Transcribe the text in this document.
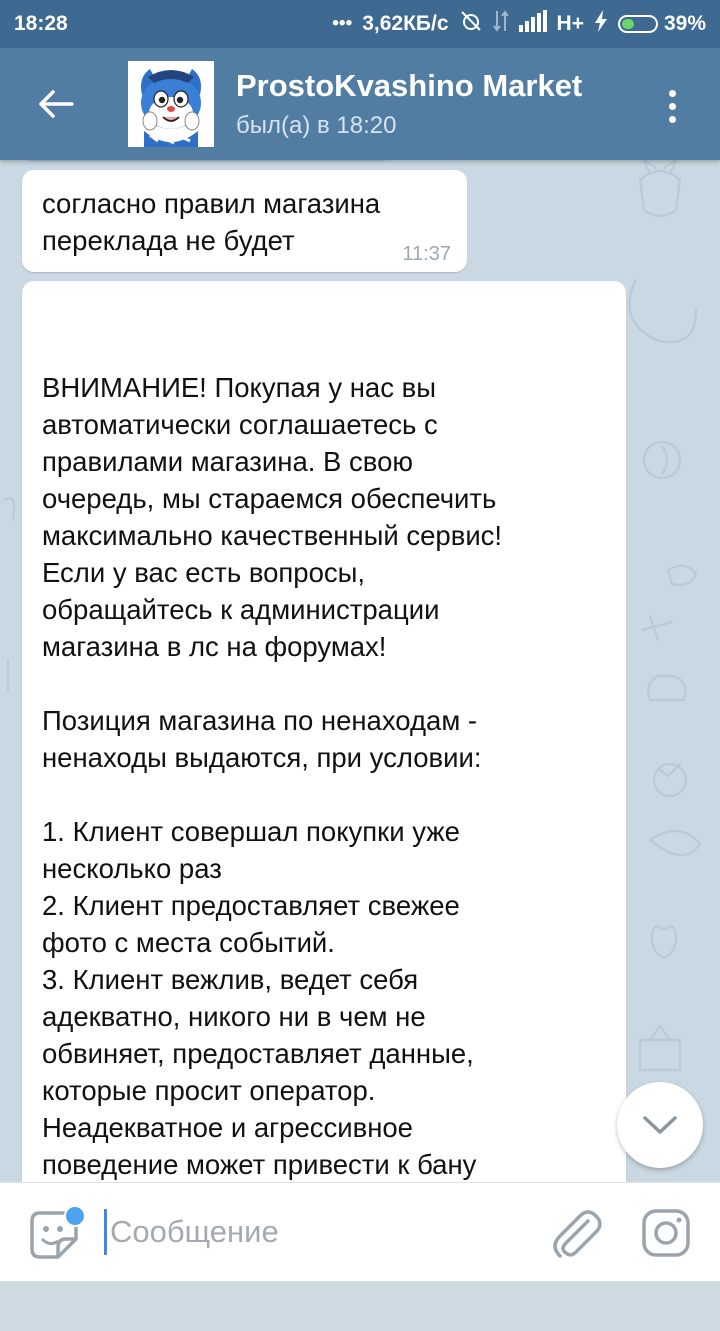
18:28	••• 3,62КБ/с	H+	39%
ProstoKvashino Market
был(а) в 18:20
согласно правил магазина
переклада не будет	11:37

ВНИМАНИЕ! Покупая у нас вы
автоматически соглашаетесь с
правилами магазина. В свою
очередь, мы стараемся обеспечить
максимально качественный сервис!
Если у вас есть вопросы,
обращайтесь к администрации
магазина в лс на форумах!

Позиция магазина по ненаходам -
ненаходы выдаются, при условии:

1. Клиент совершал покупки уже
несколько раз
2. Клиент предоставляет свежее
фото с места событий.
3. Клиент вежлив, ведет себя
адекватно, никого ни в чем не
обвиняет, предоставляет данные,
которые просит оператор.
Неадекватное и агрессивное
поведение может привести к бану

Сообщение
